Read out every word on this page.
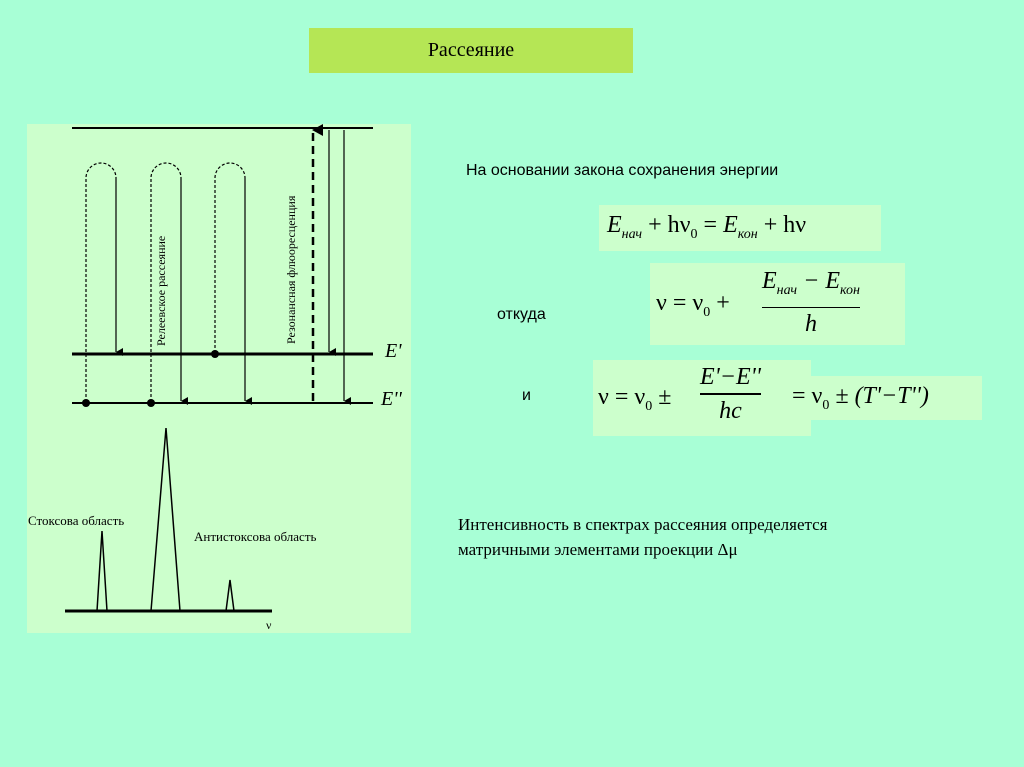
Рассеяние
Релеевское рассеяние	Резонансная флюоресценция
E'
E''
Стоксова область
Антистоксова область
ν
На основании закона сохранения энергии
$E_{нач} + h\nu_0 = E_{кон} + h\nu$
откуда	$\nu = \nu_0$ +
$E_{нач} - E_{кон}$
h
и	$\nu = \nu_0$ ±
E'−E''
hc
= $\nu_0 \pm (T'-T'')$
Интенсивность в спектрах рассеяния определяется
матричными элементами проекции Δμ
